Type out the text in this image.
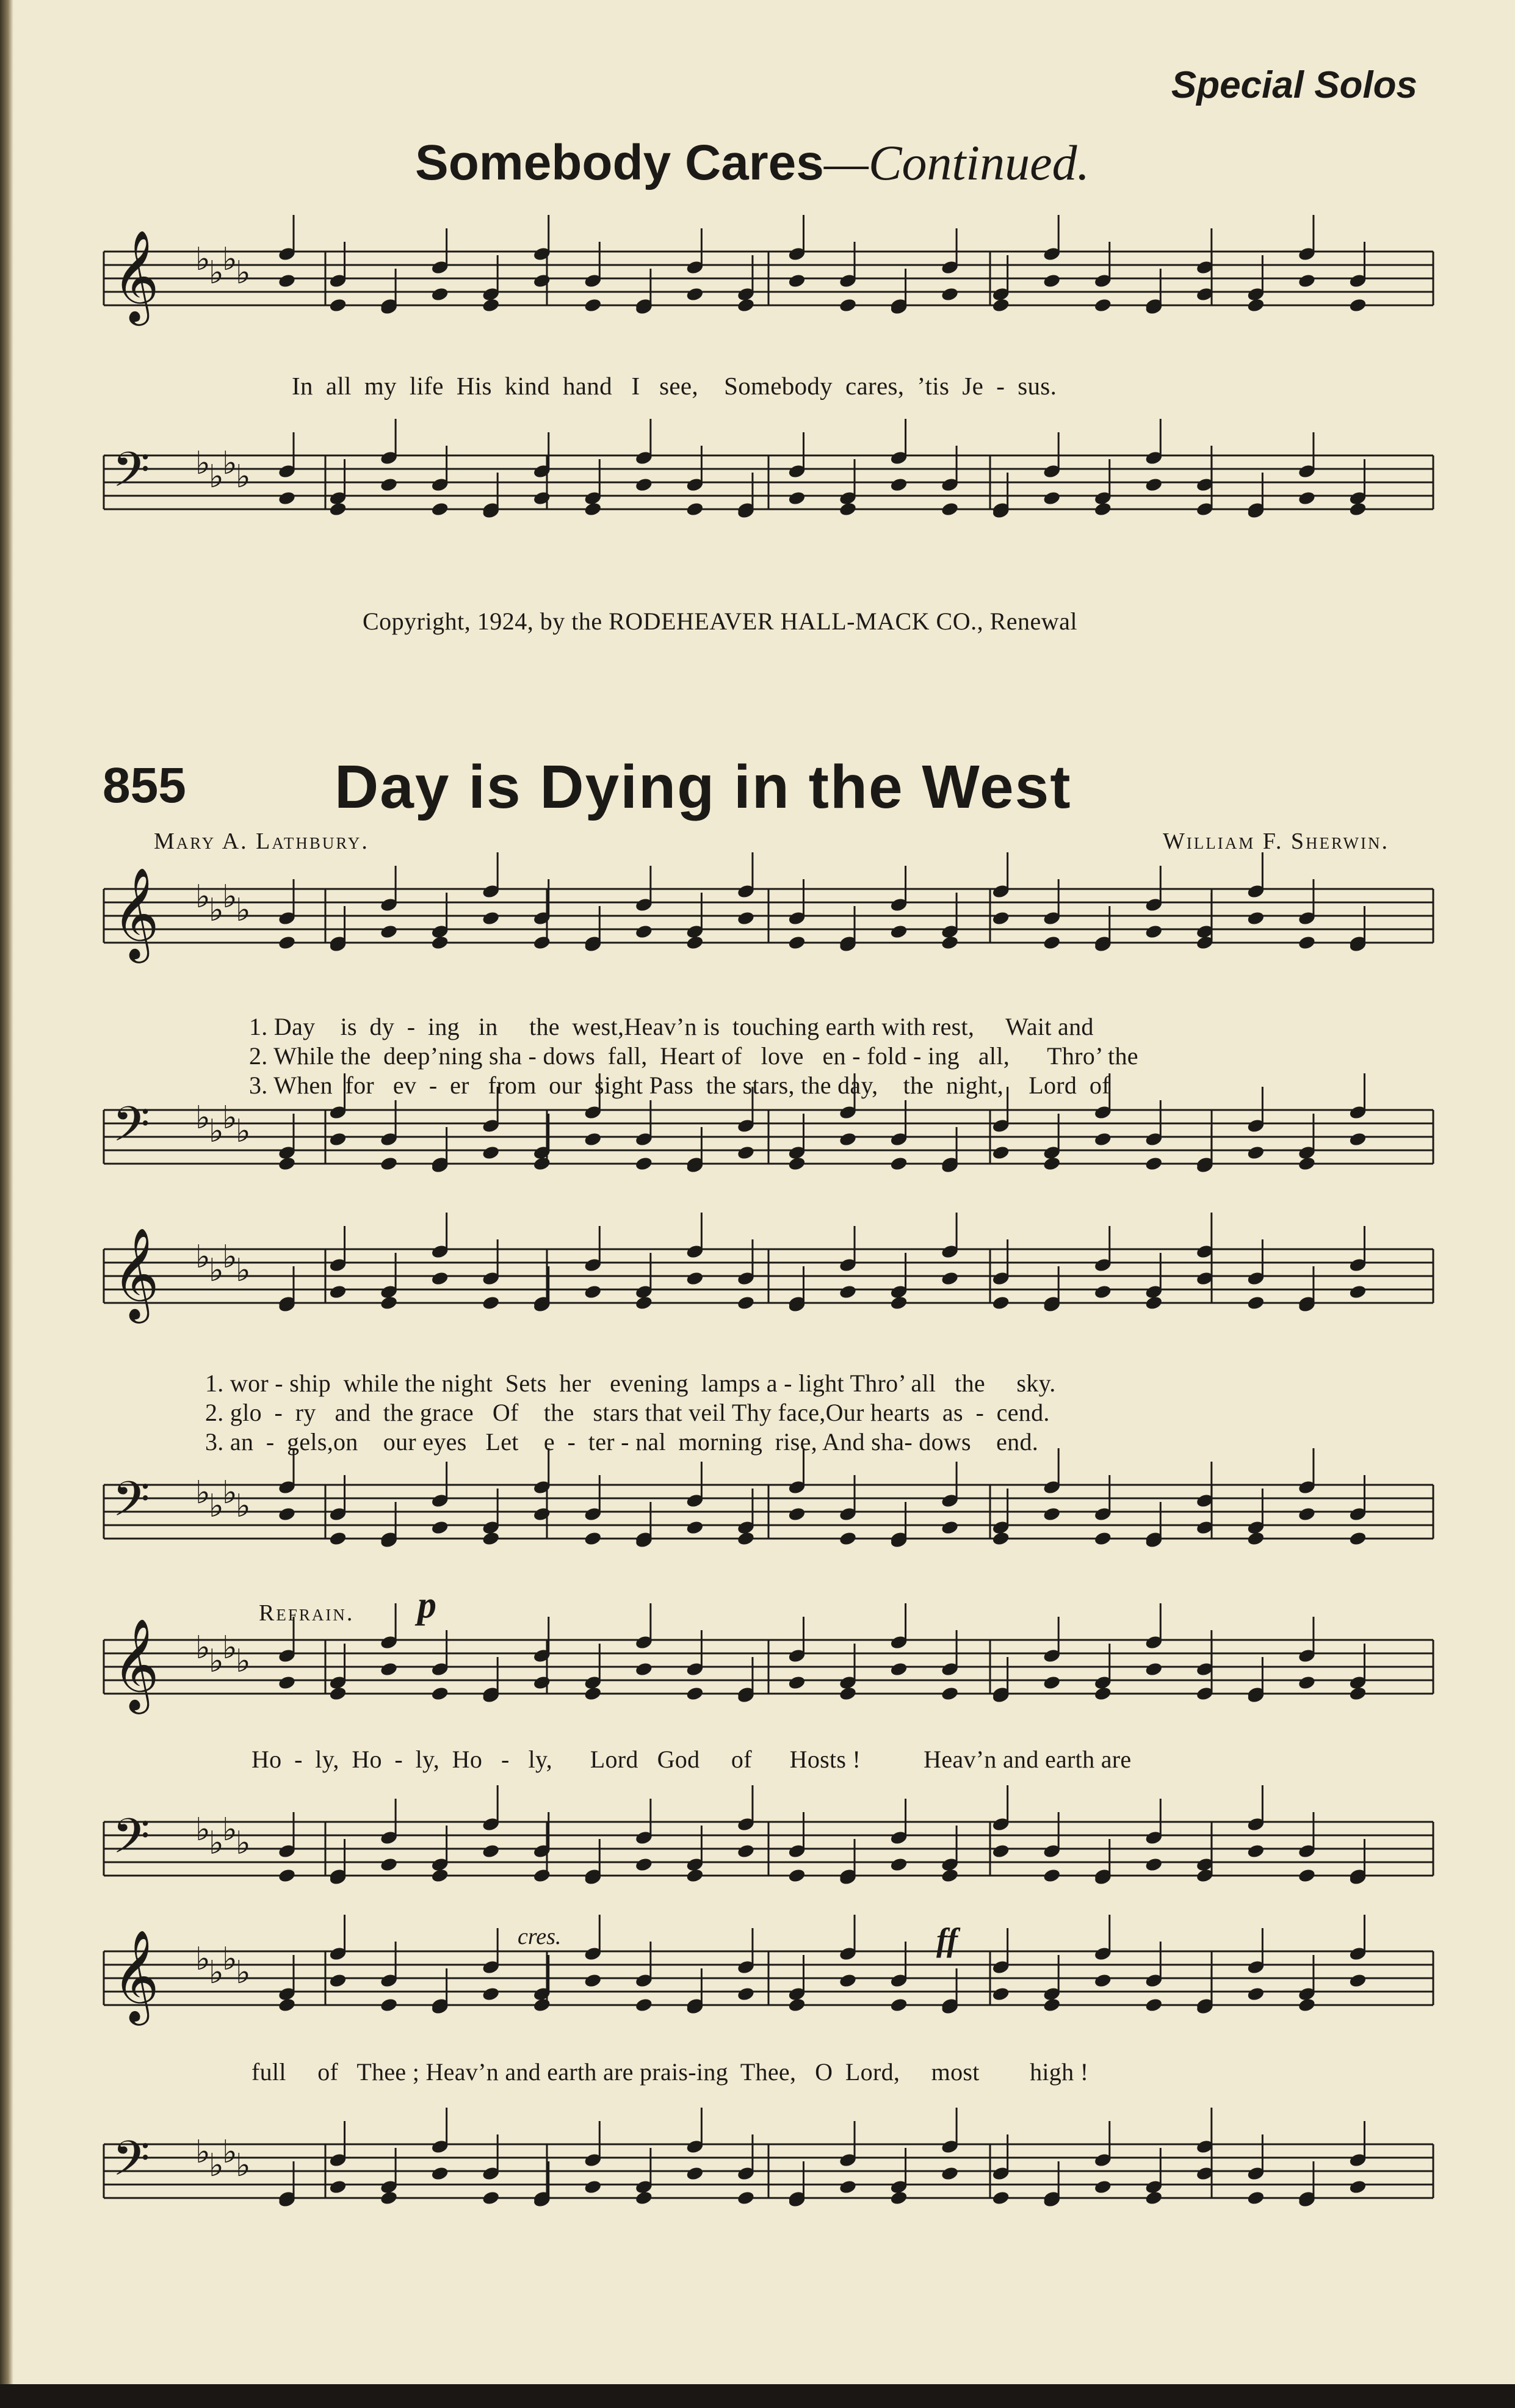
Special Solos
Somebody Cares—Continued.
𝄞 ♭
♭
♭
♭
𝄢 ♭
♭
♭
♭
𝄞 ♭
♭
♭
♭
𝄢 ♭
♭
♭
♭
𝄞 ♭
♭
♭
♭
𝄢 ♭
♭
♭
♭
𝄞 ♭
♭
♭
♭
𝄢 ♭
♭
♭
♭
𝄞 ♭
♭
♭
♭
𝄢 ♭
♭
♭
♭
In  all  my  life  His  kind  hand   I   see,    Somebody  cares,  ’tis  Je  -  sus.
Copyright, 1924, by the RODEHEAVER HALL-MACK CO., Renewal
855 Day is Dying in the West
Mary A. Lathbury.	William F. Sherwin.
1. Day    is  dy  -  ing   in     the  west,Heav’n is  touching earth with rest,     Wait and
2. While the  deep’ning sha - dows  fall,  Heart of   love   en - fold - ing   all,      Thro’ the
3. When  for   ev  -  er   from  our  sight Pass  the stars, the day,    the  night,    Lord  of
1. wor - ship  while the night  Sets  her   evening  lamps a - light Thro’ all   the     sky.
2. glo  -  ry   and  the grace   Of    the   stars that veil Thy face,Our hearts  as  -  cend.
3. an  -  gels,on    our eyes   Let    e  -  ter - nal  morning  rise, And sha- dows    end.
Refrain. p
Ho  -  ly,  Ho  -  ly,  Ho   -   ly,      Lord   God     of      Hosts !          Heav’n and earth are
cres.	ff
full     of   Thee ; Heav’n and earth are prais-ing  Thee,   O  Lord,     most        high !
